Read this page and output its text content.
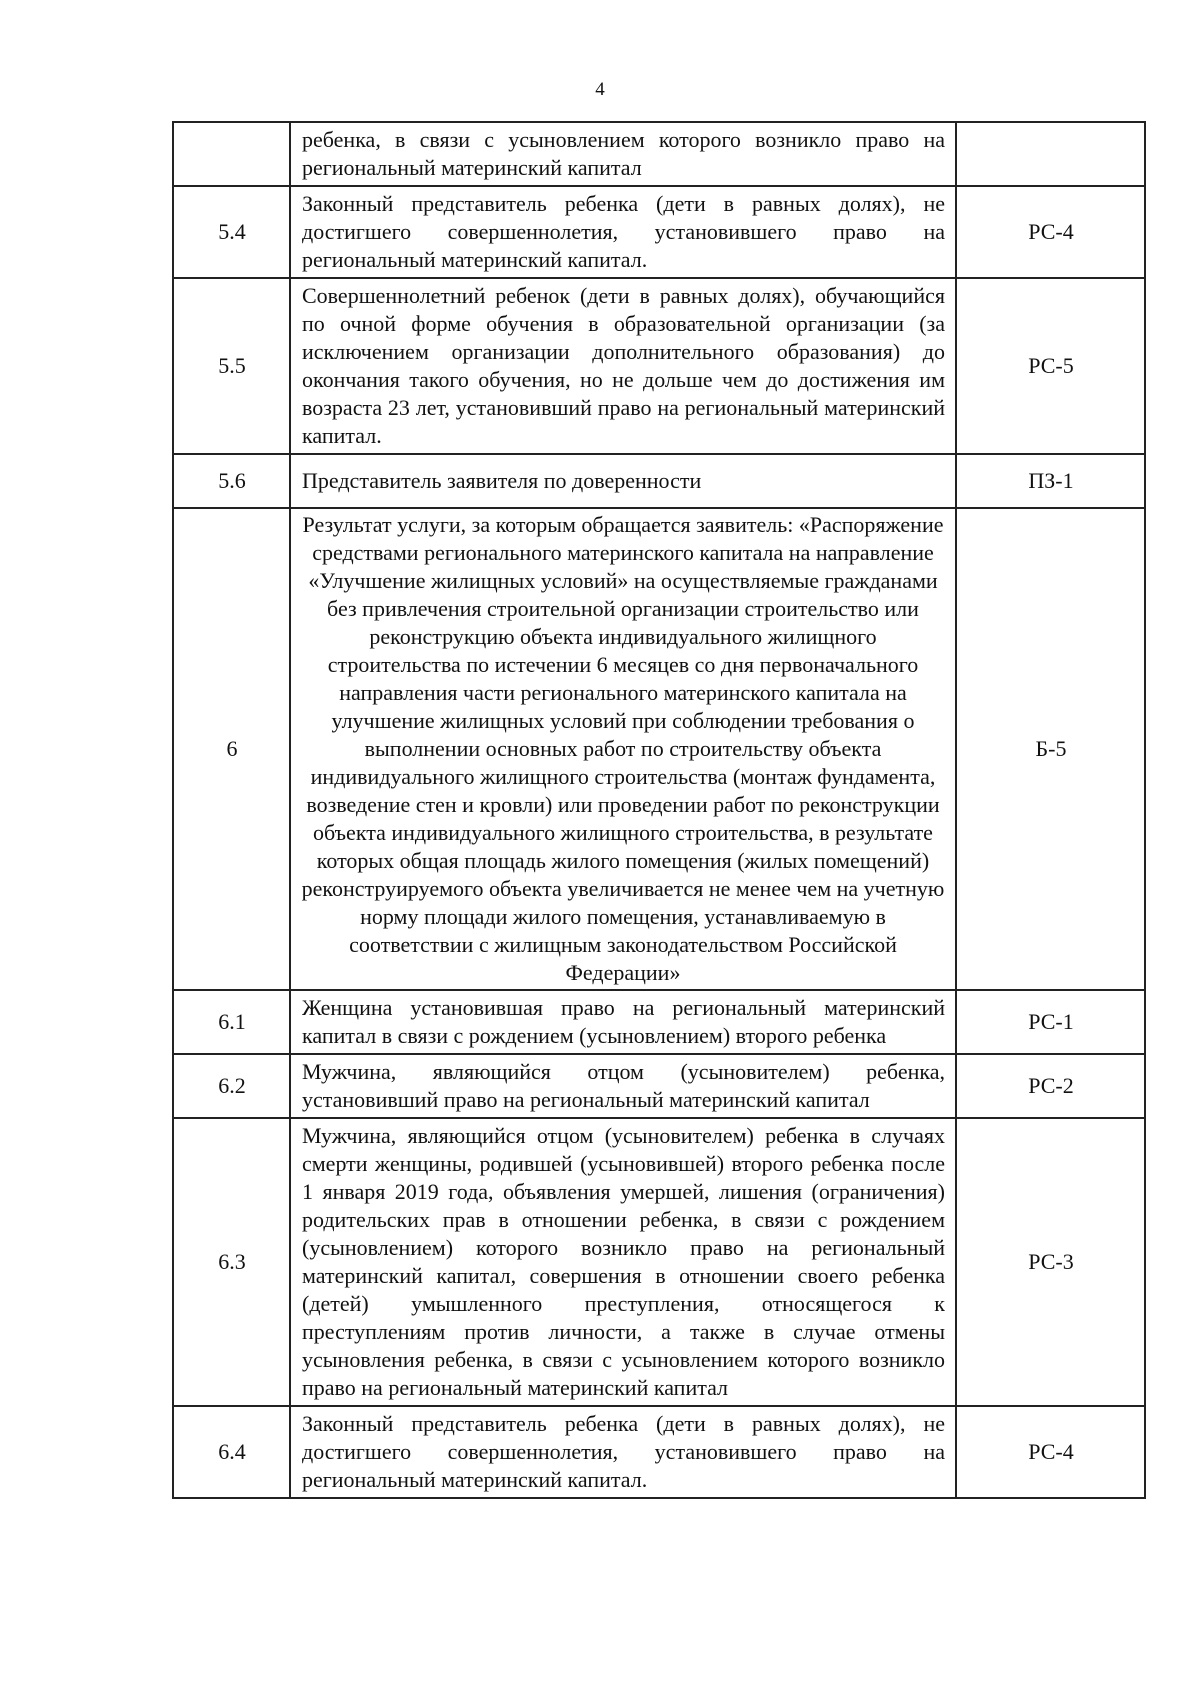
4
	ребенка, в связи с усыновлением которого возникло право на региональный материнский капитал	
5.4	Законный представитель ребенка (дети в равных долях), не достигшего совершеннолетия, установившего право на региональный материнский капитал.	РС-4
5.5	Совершеннолетний ребенок (дети в равных долях), обучающийся по очной форме обучения в образовательной организации (за исключением организации дополнительного образования) до окончания такого обучения, но не дольше чем до достижения им возраста 23 лет, установивший право на региональный материнский капитал.	РС-5
5.6	Представитель заявителя по доверенности	ПЗ-1
6	Результат услуги, за которым обращается заявитель: «Распоряжение средствами регионального материнского капитала на направление «Улучшение жилищных условий» на осуществляемые гражданами без привлечения строительной организации строительство или реконструкцию объекта индивидуального жилищного строительства по истечении 6 месяцев со дня первоначального направления части регионального материнского капитала на улучшение жилищных условий при соблюдении требования о выполнении основных работ по строительству объекта индивидуального жилищного строительства (монтаж фундамента, возведение стен и кровли) или проведении работ по реконструкции объекта индивидуального жилищного строительства, в результате которых общая площадь жилого помещения (жилых помещений) реконструируемого объекта увеличивается не менее чем на учетную норму площади жилого помещения, устанавливаемую в соответствии с жилищным законодательством Российской Федерации»	Б-5
6.1	Женщина установившая право на региональный материнский капитал в связи с рождением (усыновлением) второго ребенка	РС-1
6.2	Мужчина, являющийся отцом (усыновителем) ребенка, установивший право на региональный материнский капитал	РС-2
6.3	Мужчина, являющийся отцом (усыновителем) ребенка в случаях смерти женщины, родившей (усыновившей) второго ребенка после 1 января 2019 года, объявления умершей, лишения (ограничения) родительских прав в отношении ребенка, в связи с рождением (усыновлением) которого возникло право на региональный материнский капитал, совершения в отношении своего ребенка (детей) умышленного преступления, относящегося к преступлениям против личности, а также в случае отмены усыновления ребенка, в связи с усыновлением которого возникло право на региональный материнский капитал	РС-3
6.4	Законный представитель ребенка (дети в равных долях), не достигшего совершеннолетия, установившего право на региональный материнский капитал.	РС-4
